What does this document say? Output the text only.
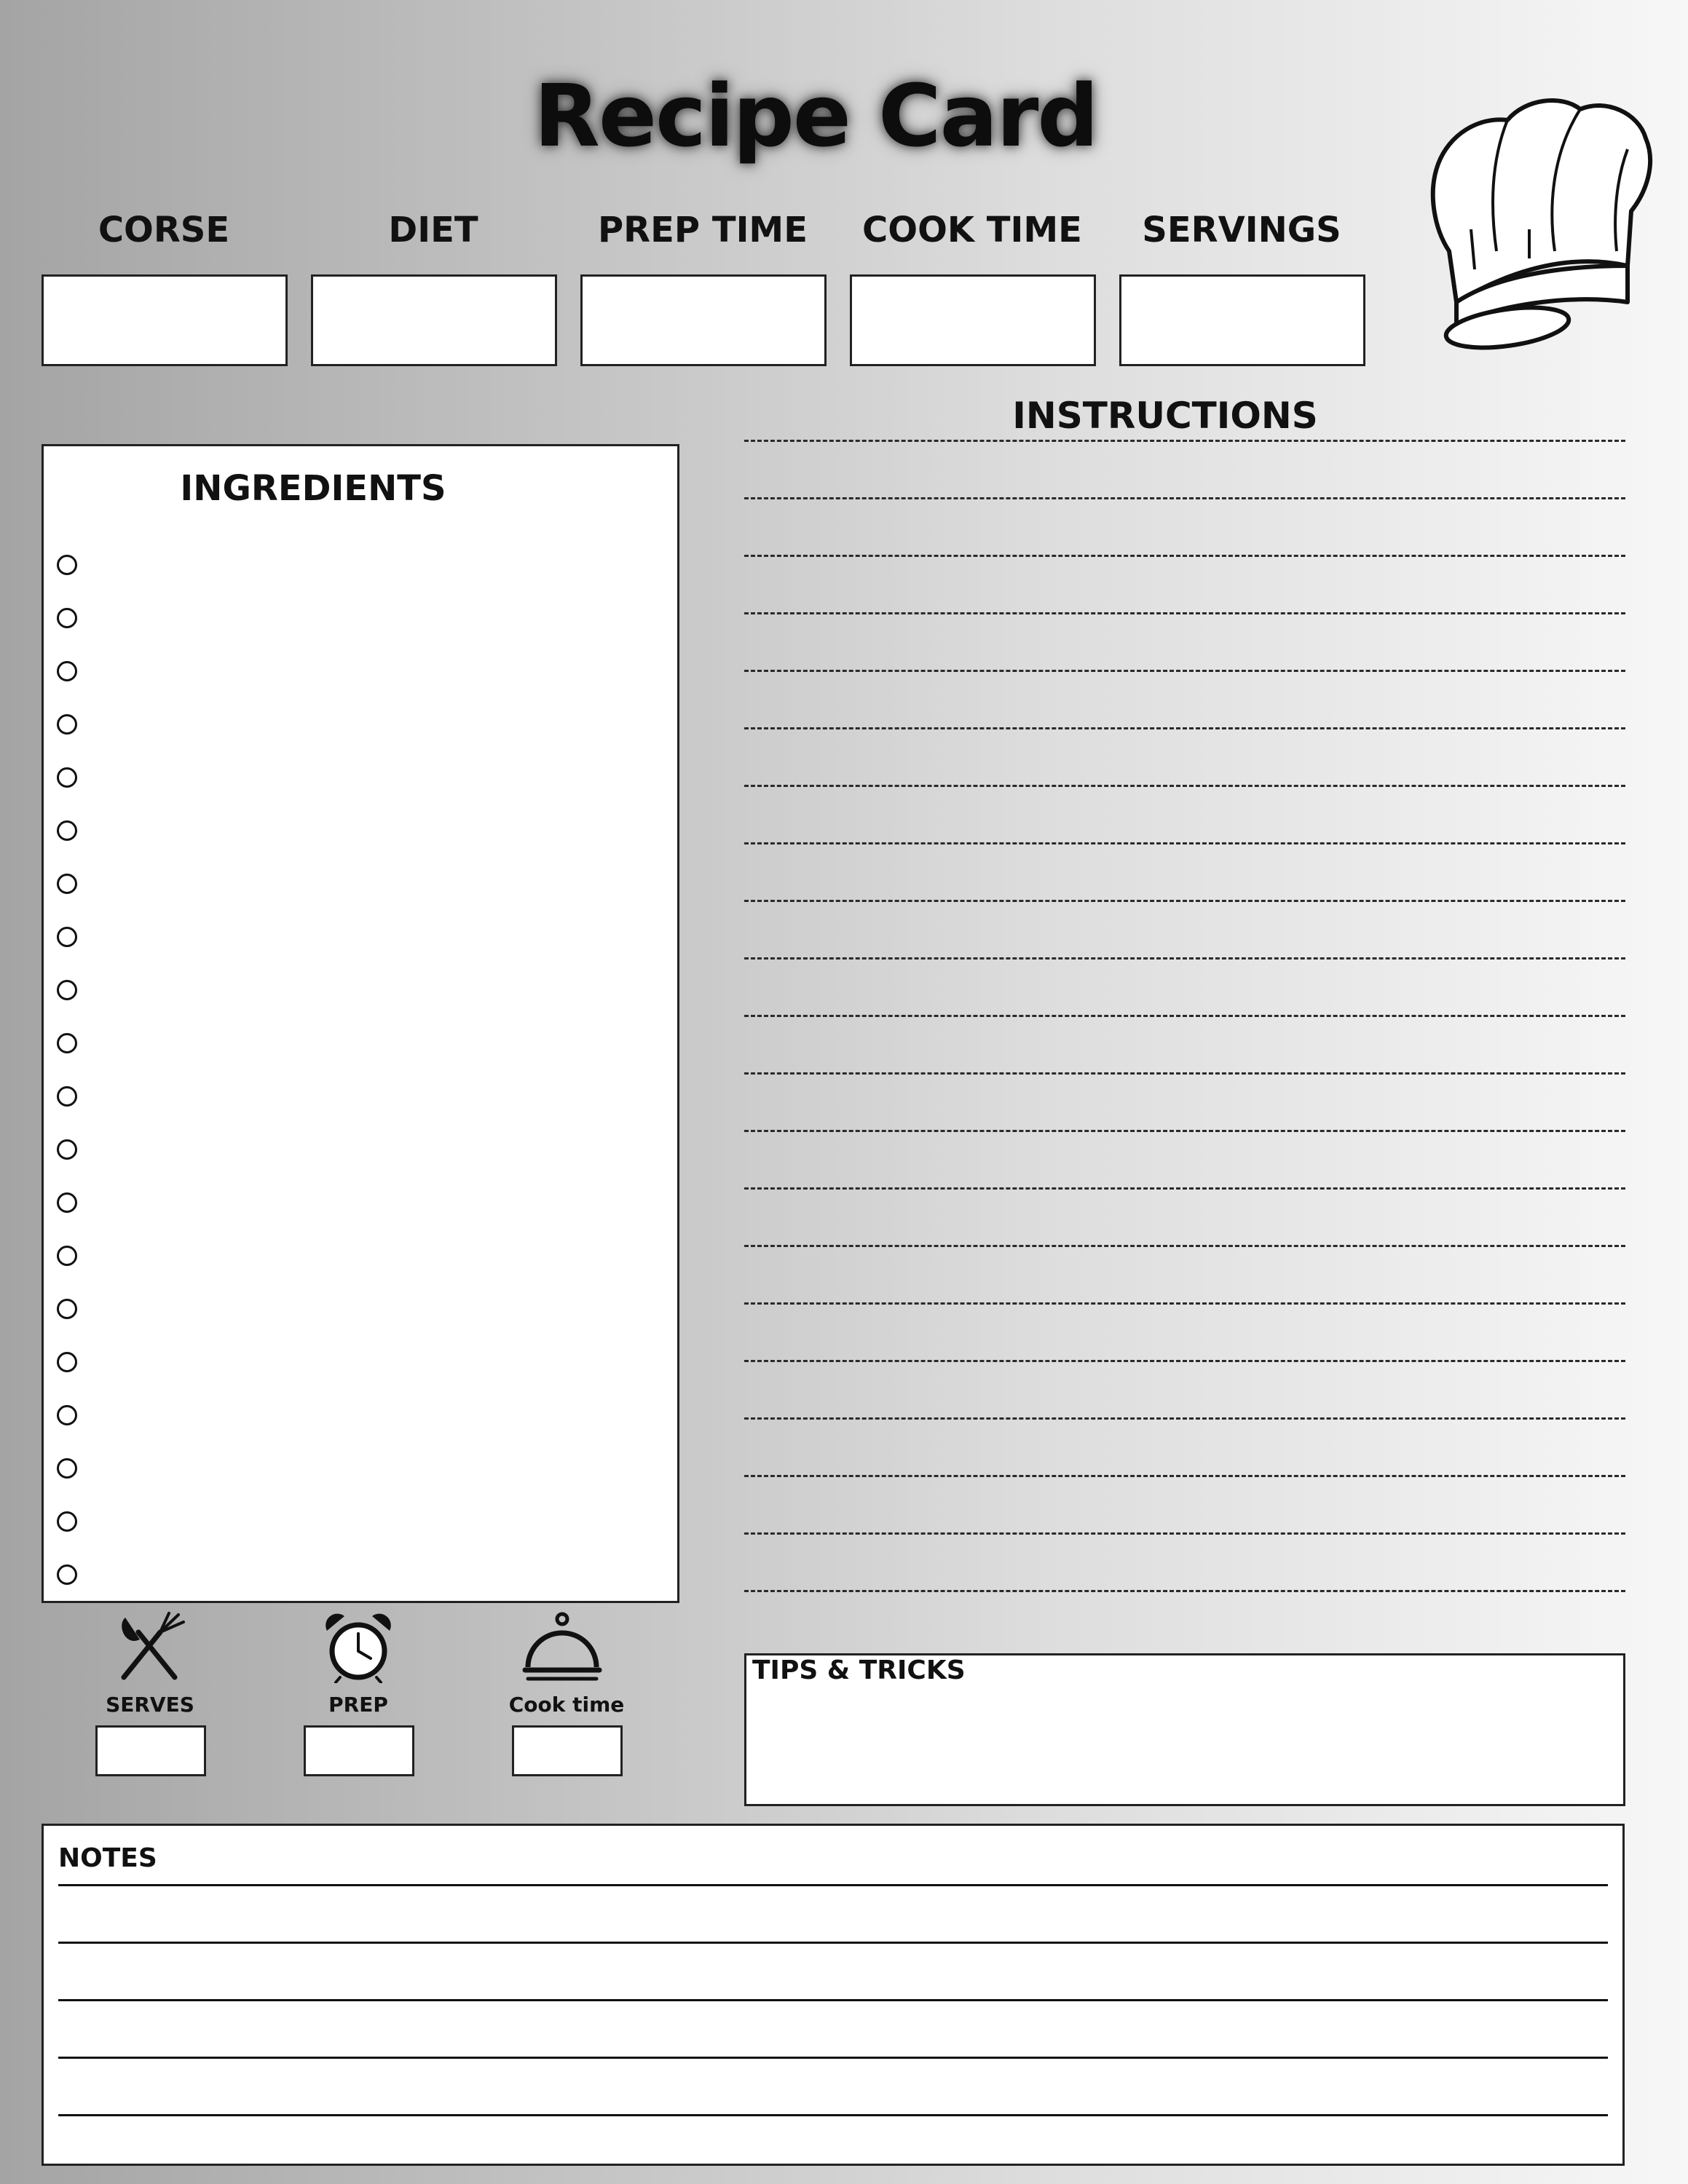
Recipe Card
CORSE	DIET	PREP TIME	COOK TIME	SERVINGS
INGREDIENTS
INSTRUCTIONS
SERVES	PREP	Cook time
TIPS & TRICKS
NOTES
